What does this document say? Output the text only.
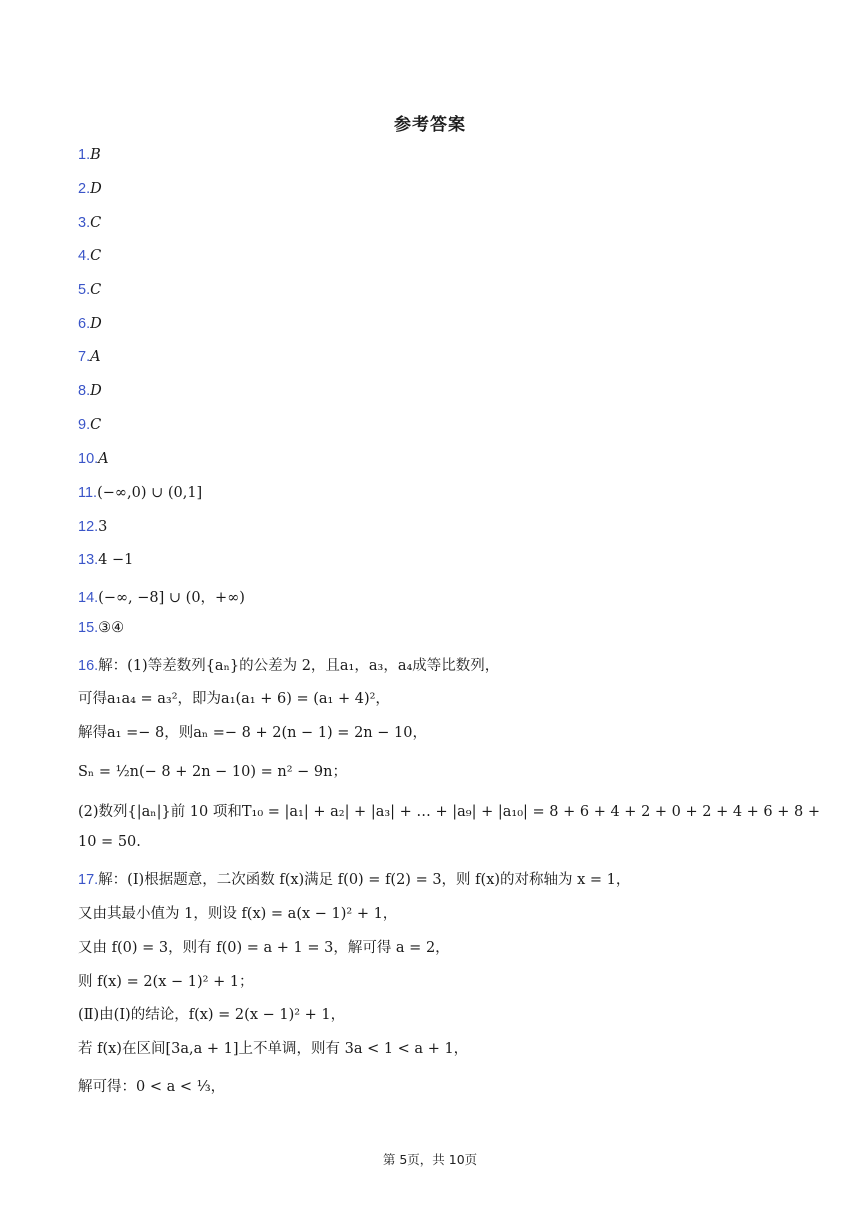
参考答案
1.B
2.D
3.C
4.C
5.C
6.D
7.A
8.D
9.C
10.A
11.(−∞,0) ∪ (0,1]
12.3
13.4 −1
14.(−∞, −8] ∪ (0，+∞)
15.③④
16.解：(1)等差数列{aₙ}的公差为 2，且a₁，a₃，a₄成等比数列，
可得a₁a₄ = a₃²，即为a₁(a₁ + 6) = (a₁ + 4)²，
解得a₁ =− 8，则aₙ =− 8 + 2(n − 1) = 2n − 10，
Sₙ = ½n(− 8 + 2n − 10) = n² − 9n；
(2)数列{|aₙ|}前 10 项和T₁₀ = |a₁| + a₂| + |a₃| + … + |a₉| + |a₁₀| = 8 + 6 + 4 + 2 + 0 + 2 + 4 + 6 + 8 +
10 = 50.
17.解：(Ⅰ)根据题意，二次函数 f(x)满足 f(0) = f(2) = 3，则 f(x)的对称轴为 x = 1，
又由其最小值为 1，则设 f(x) = a(x − 1)² + 1，
又由 f(0) = 3，则有 f(0) = a + 1 = 3，解可得 a = 2，
则 f(x) = 2(x − 1)² + 1；
(Ⅱ)由(Ⅰ)的结论，f(x) = 2(x − 1)² + 1，
若 f(x)在区间[3a,a + 1]上不单调，则有 3a < 1 < a + 1，
解可得：0 < a < ⅓，
第 5页，共 10页
